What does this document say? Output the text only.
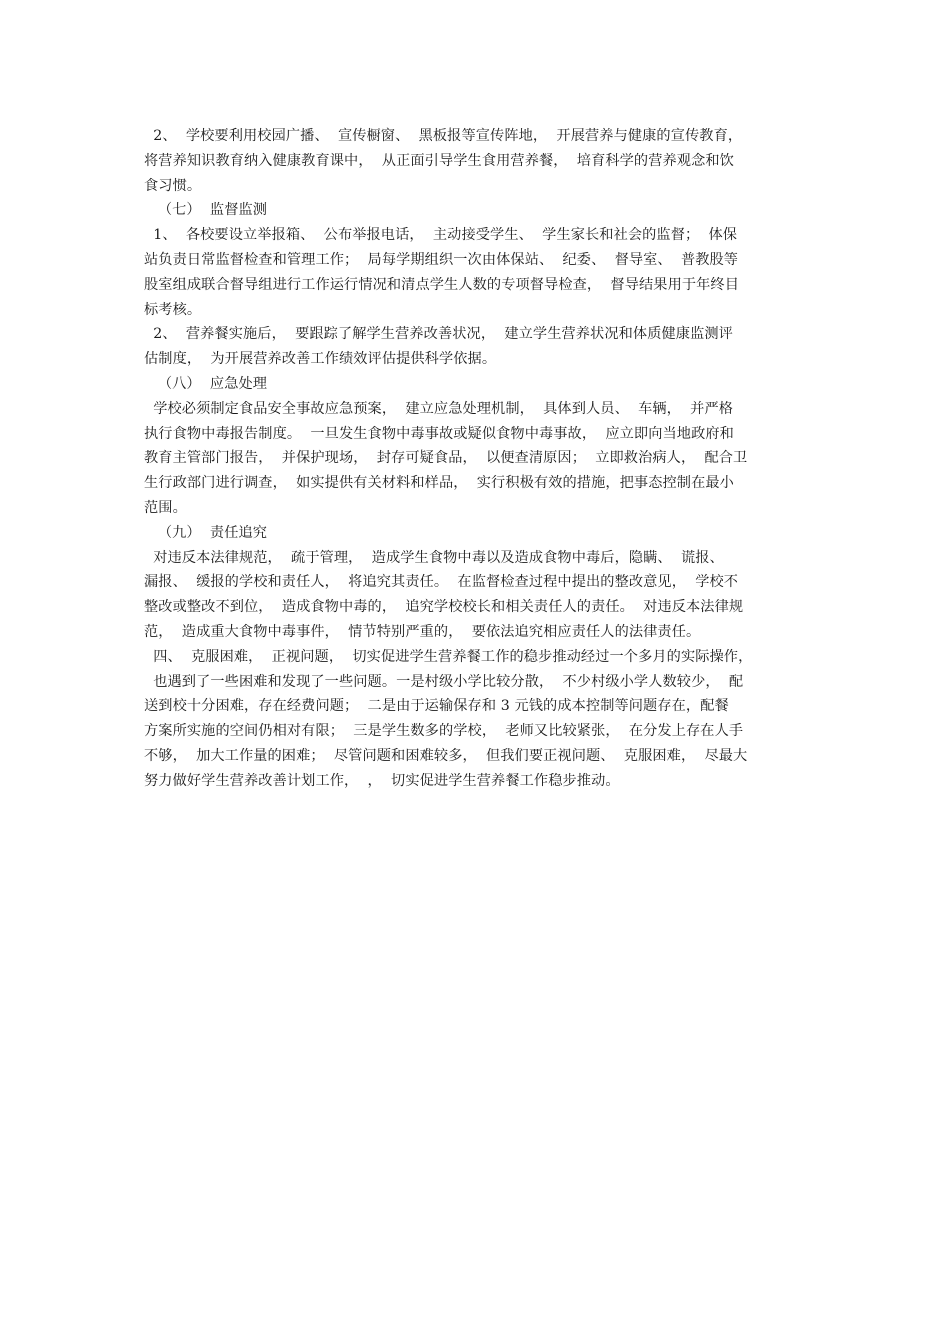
2、  学校要利用校园广播、  宣传橱窗、  黑板报等宣传阵地，  开展营养与健康的宣传教育，
将营养知识教育纳入健康教育课中，  从正面引导学生食用营养餐，  培育科学的营养观念和饮
食习惯。
（七）  监督监测
1、  各校要设立举报箱、  公布举报电话，  主动接受学生、  学生家长和社会的监督；  体保
站负责日常监督检查和管理工作；  局每学期组织一次由体保站、  纪委、  督导室、  普教股等
股室组成联合督导组进行工作运行情况和清点学生人数的专项督导检查，  督导结果用于年终目
标考核。
2、  营养餐实施后，  要跟踪了解学生营养改善状况，  建立学生营养状况和体质健康监测评
估制度，  为开展营养改善工作绩效评估提供科学依据。
（八）  应急处理
学校必须制定食品安全事故应急预案，  建立应急处理机制，  具体到人员、  车辆，  并严格
执行食物中毒报告制度。  一旦发生食物中毒事故或疑似食物中毒事故，  应立即向当地政府和
教育主管部门报告，  并保护现场，  封存可疑食品，  以便查清原因；  立即救治病人，  配合卫
生行政部门进行调查，  如实提供有关材料和样品，  实行积极有效的措施，把事态控制在最小
范围。
（九）  责任追究
对违反本法律规范，  疏于管理，  造成学生食物中毒以及造成食物中毒后，隐瞒、  谎报、
漏报、  缓报的学校和责任人，  将追究其责任。  在监督检查过程中提出的整改意见，  学校不
整改或整改不到位，  造成食物中毒的，  追究学校校长和相关责任人的责任。  对违反本法律规
范，  造成重大食物中毒事件，  情节特别严重的，  要依法追究相应责任人的法律责任。
四、  克服困难，  正视问题，  切实促进学生营养餐工作的稳步推动经过一个多月的实际操作，
也遇到了一些困难和发现了一些问题。一是村级小学比较分散，  不少村级小学人数较少，  配
送到校十分困难，存在经费问题；  二是由于运输保存和 3 元钱的成本控制等问题存在，配餐
方案所实施的空间仍相对有限；  三是学生数多的学校，  老师又比较紧张，  在分发上存在人手
不够，  加大工作量的困难；  尽管问题和困难较多，  但我们要正视问题、  克服困难，  尽最大
努力做好学生营养改善计划工作，  ，  切实促进学生营养餐工作稳步推动。
